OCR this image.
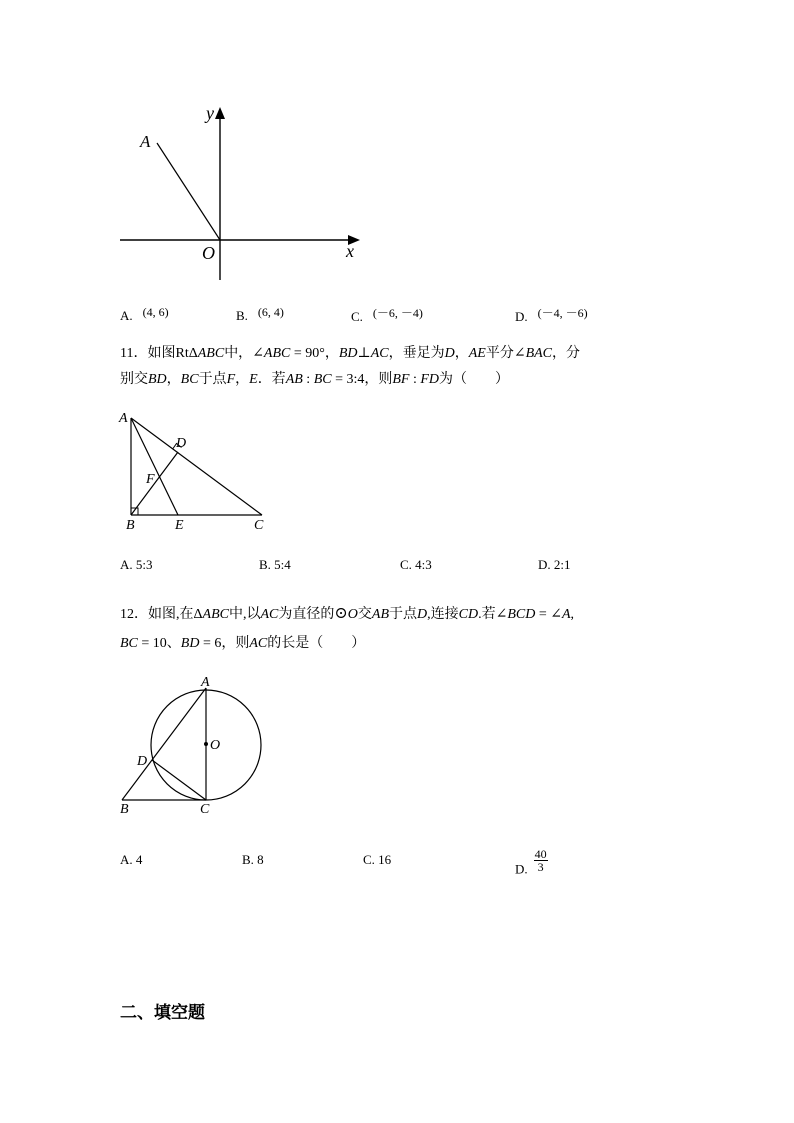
y
x
O
A
A. (4, 6)	B. (6, 4)	C. (－6, －4)	D. (－4, －6)
11．如图RtΔABC中，∠ABC = 90°，BD⊥AC，垂足为D，AE平分∠BAC，分
别交BD，BC于点F，E．若AB : BC = 3:4，则BF : FD为（　　）
A
B	C
D
E
F
A. 5:3	B. 5:4	C. 4:3	D. 2:1
12．如图,在ΔABC中,以AC为直径的⊙O交AB于点D,连接CD.若∠BCD = ∠A,
BC = 10、BD = 6，则AC的长是（　　）
A
O
D
B	C
A. 4	B. 8	C. 16
D. $\frac{40}{3}$
二、填空题
